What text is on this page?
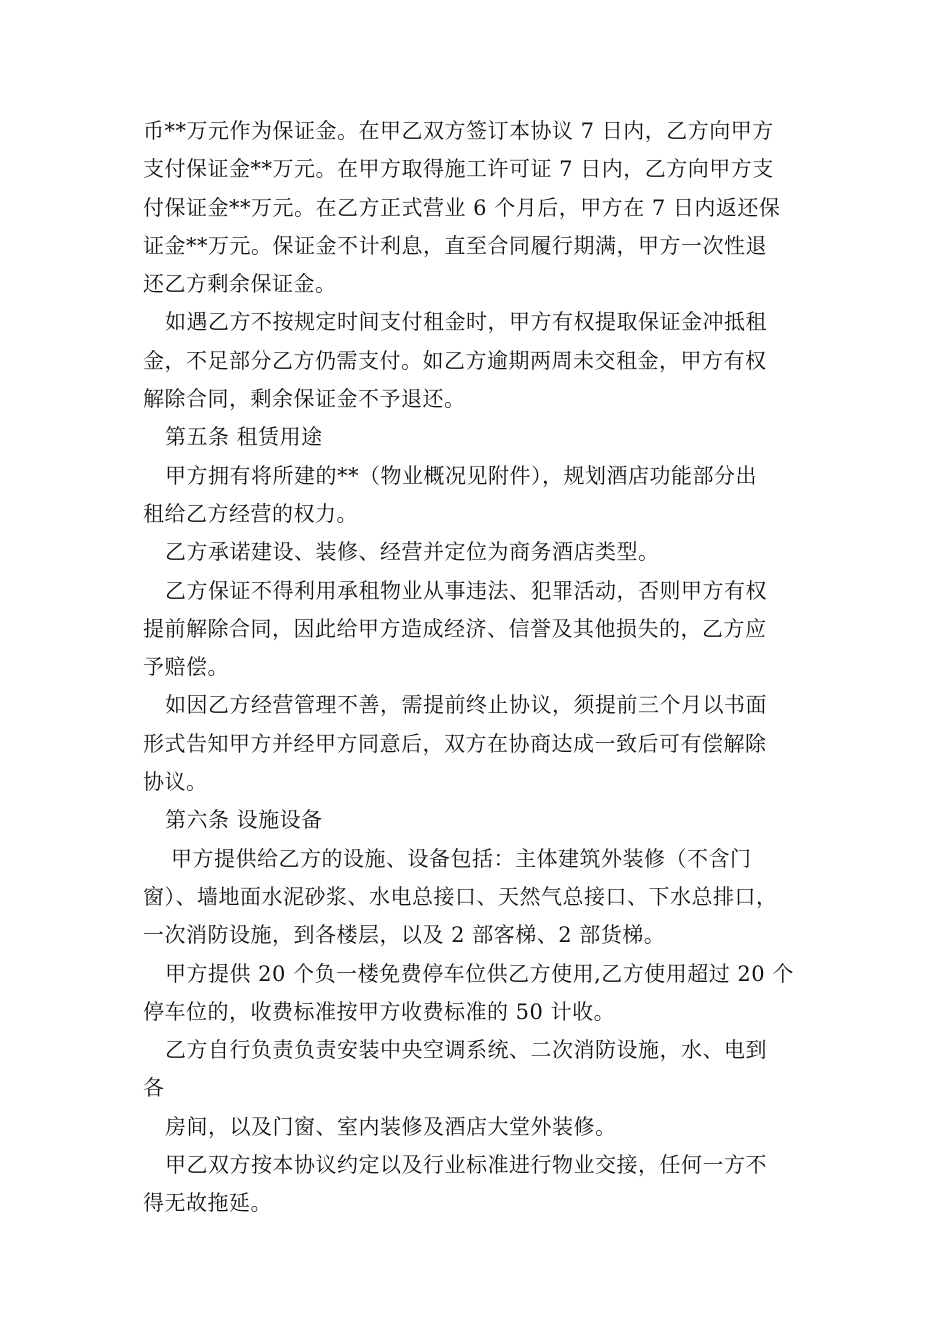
币**万元作为保证金。在甲乙双方签订本协议 7 日内，乙方向甲方
支付保证金**万元。在甲方取得施工许可证 7 日内，乙方向甲方支
付保证金**万元。在乙方正式营业 6 个月后，甲方在 7 日内返还保
证金**万元。保证金不计利息，直至合同履行期满，甲方一次性退
还乙方剩余保证金。
如遇乙方不按规定时间支付租金时，甲方有权提取保证金冲抵租
金，不足部分乙方仍需支付。如乙方逾期两周未交租金，甲方有权
解除合同，剩余保证金不予退还。
第五条 租赁用途
甲方拥有将所建的**（物业概况见附件），规划酒店功能部分出
租给乙方经营的权力。
乙方承诺建设、装修、经营并定位为商务酒店类型。
乙方保证不得利用承租物业从事违法、犯罪活动，否则甲方有权
提前解除合同，因此给甲方造成经济、信誉及其他损失的，乙方应
予赔偿。
如因乙方经营管理不善，需提前终止协议，须提前三个月以书面
形式告知甲方并经甲方同意后，双方在协商达成一致后可有偿解除
协议。
第六条 设施设备
甲方提供给乙方的设施、设备包括：主体建筑外装修（不含门
窗）、墙地面水泥砂浆、水电总接口、天然气总接口、下水总排口，
一次消防设施，到各楼层，以及 2 部客梯、2 部货梯。
甲方提供 20 个负一楼免费停车位供乙方使用,乙方使用超过 20 个
停车位的，收费标准按甲方收费标准的 50 计收。
乙方自行负责负责安装中央空调系统、二次消防设施，水、电到
各
房间，以及门窗、室内装修及酒店大堂外装修。
甲乙双方按本协议约定以及行业标准进行物业交接，任何一方不
得无故拖延。
